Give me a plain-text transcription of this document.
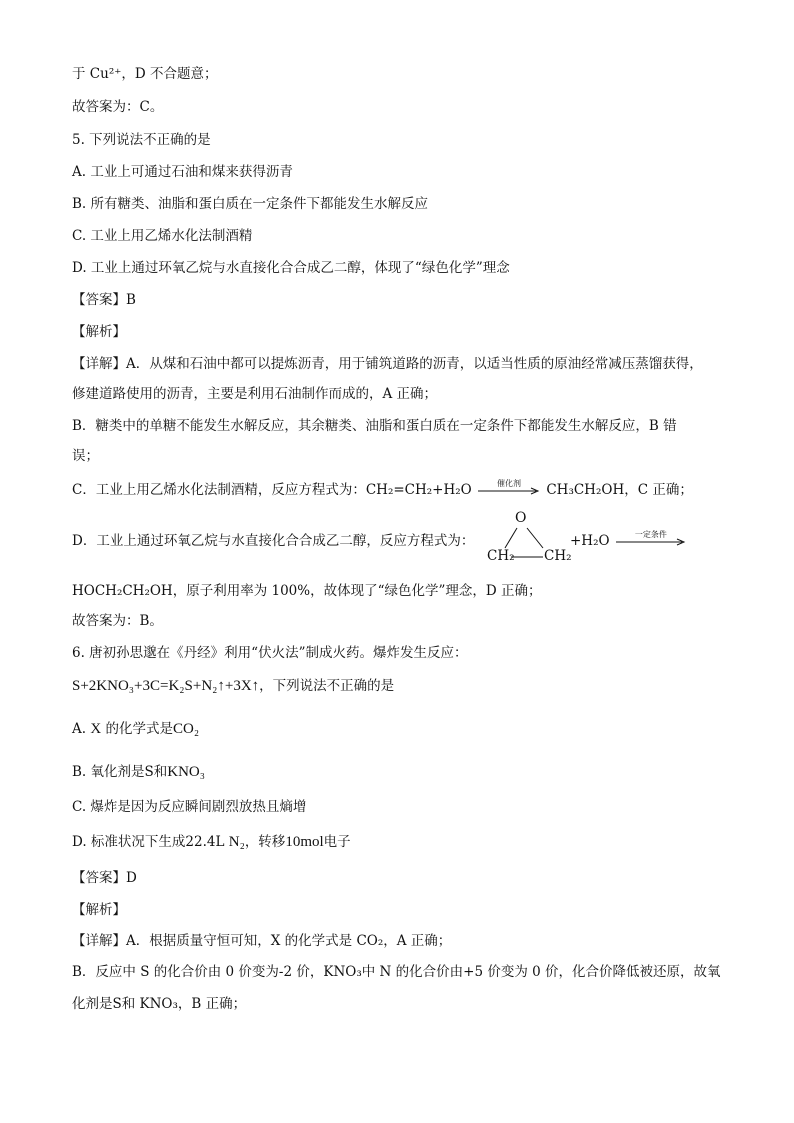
于 Cu²⁺，D 不合题意；
故答案为：C。
5. 下列说法不正确的是
A. 工业上可通过石油和煤来获得沥青
B. 所有糖类、油脂和蛋白质在一定条件下都能发生水解反应
C. 工业上用乙烯水化法制酒精
D. 工业上通过环氧乙烷与水直接化合合成乙二醇，体现了“绿色化学”理念
【答案】B
【解析】
【详解】A．从煤和石油中都可以提炼沥青，用于铺筑道路的沥青，以适当性质的原油经常减压蒸馏获得，
修建道路使用的沥青，主要是利用石油制作而成的，A 正确；
B．糖类中的单糖不能发生水解反应，其余糖类、油脂和蛋白质在一定条件下都能发生水解反应，B 错
误；
C．工业上用乙烯水化法制酒精，反应方程式为：CH₂=CH₂+H₂O	催化剂	CH₃CH₂OH，C 正确；
D．工业上通过环氧乙烷与水直接化合合成乙二醇，反应方程式为：
O
CH₂ CH₂
+H₂O	一定条件
HOCH₂CH₂OH，原子利用率为 100%，故体现了“绿色化学”理念，D 正确；
故答案为：B。
6. 唐初孙思邈在《丹经》利用“伏火法”制成火药。爆炸发生反应：
S+2KNO₃+3C=K₂S+N₂↑+3X↑，下列说法不正确的是
A. X 的化学式是CO₂
B. 氧化剂是S和KNO₃
C. 爆炸是因为反应瞬间剧烈放热且熵增
D. 标准状况下生成22.4L N₂，转移10mol电子
【答案】D
【解析】
【详解】A．根据质量守恒可知，X 的化学式是 CO₂，A 正确；
B．反应中 S 的化合价由 0 价变为-2 价，KNO₃中 N 的化合价由+5 价变为 0 价，化合价降低被还原，故氧
化剂是S和 KNO₃，B 正确；
